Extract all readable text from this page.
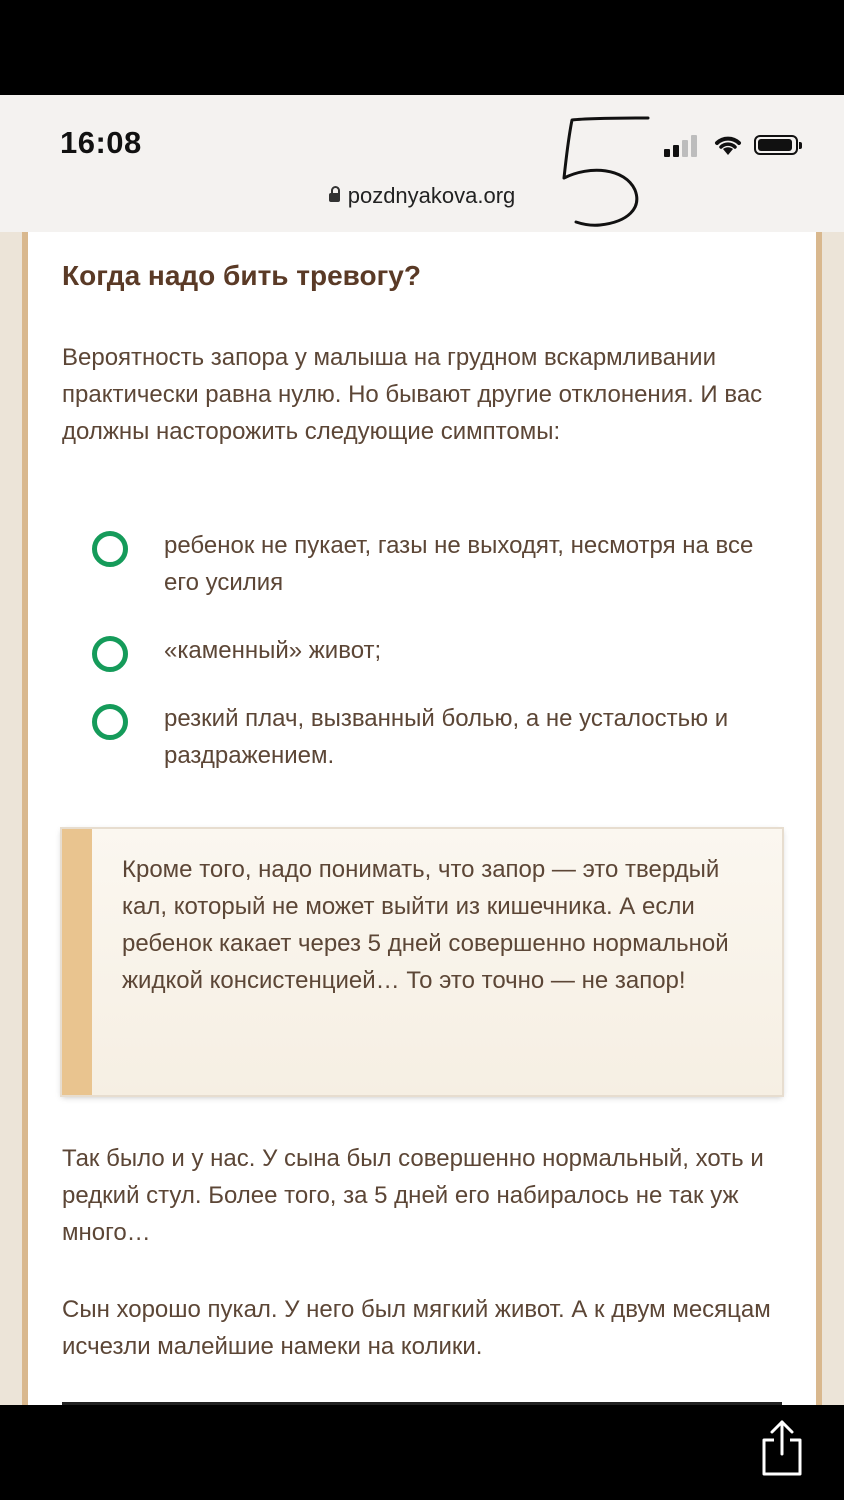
16:08
pozdnyakova.org
Когда надо бить тревогу?
Вероятность запора у малыша на грудном вскармливании практически равна нулю. Но бывают другие отклонения. И вас должны насторожить следующие симптомы:
ребенок не пукает, газы не выходят, несмотря на все его усилия
«каменный» живот;
резкий плач, вызванный болью, а не усталостью и раздражением.
Кроме того, надо понимать, что запор — это твердый кал, который не может выйти из кишечника. А если ребенок какает через 5 дней совершенно нормальной жидкой консистенцией… То это точно — не запор!
Так было и у нас. У сына был совершенно нормальный, хоть и редкий стул. Более того, за 5 дней его набиралось не так уж много…
Сын хорошо пукал. У него был мягкий живот. А к двум месяцам исчезли малейшие намеки на колики.
